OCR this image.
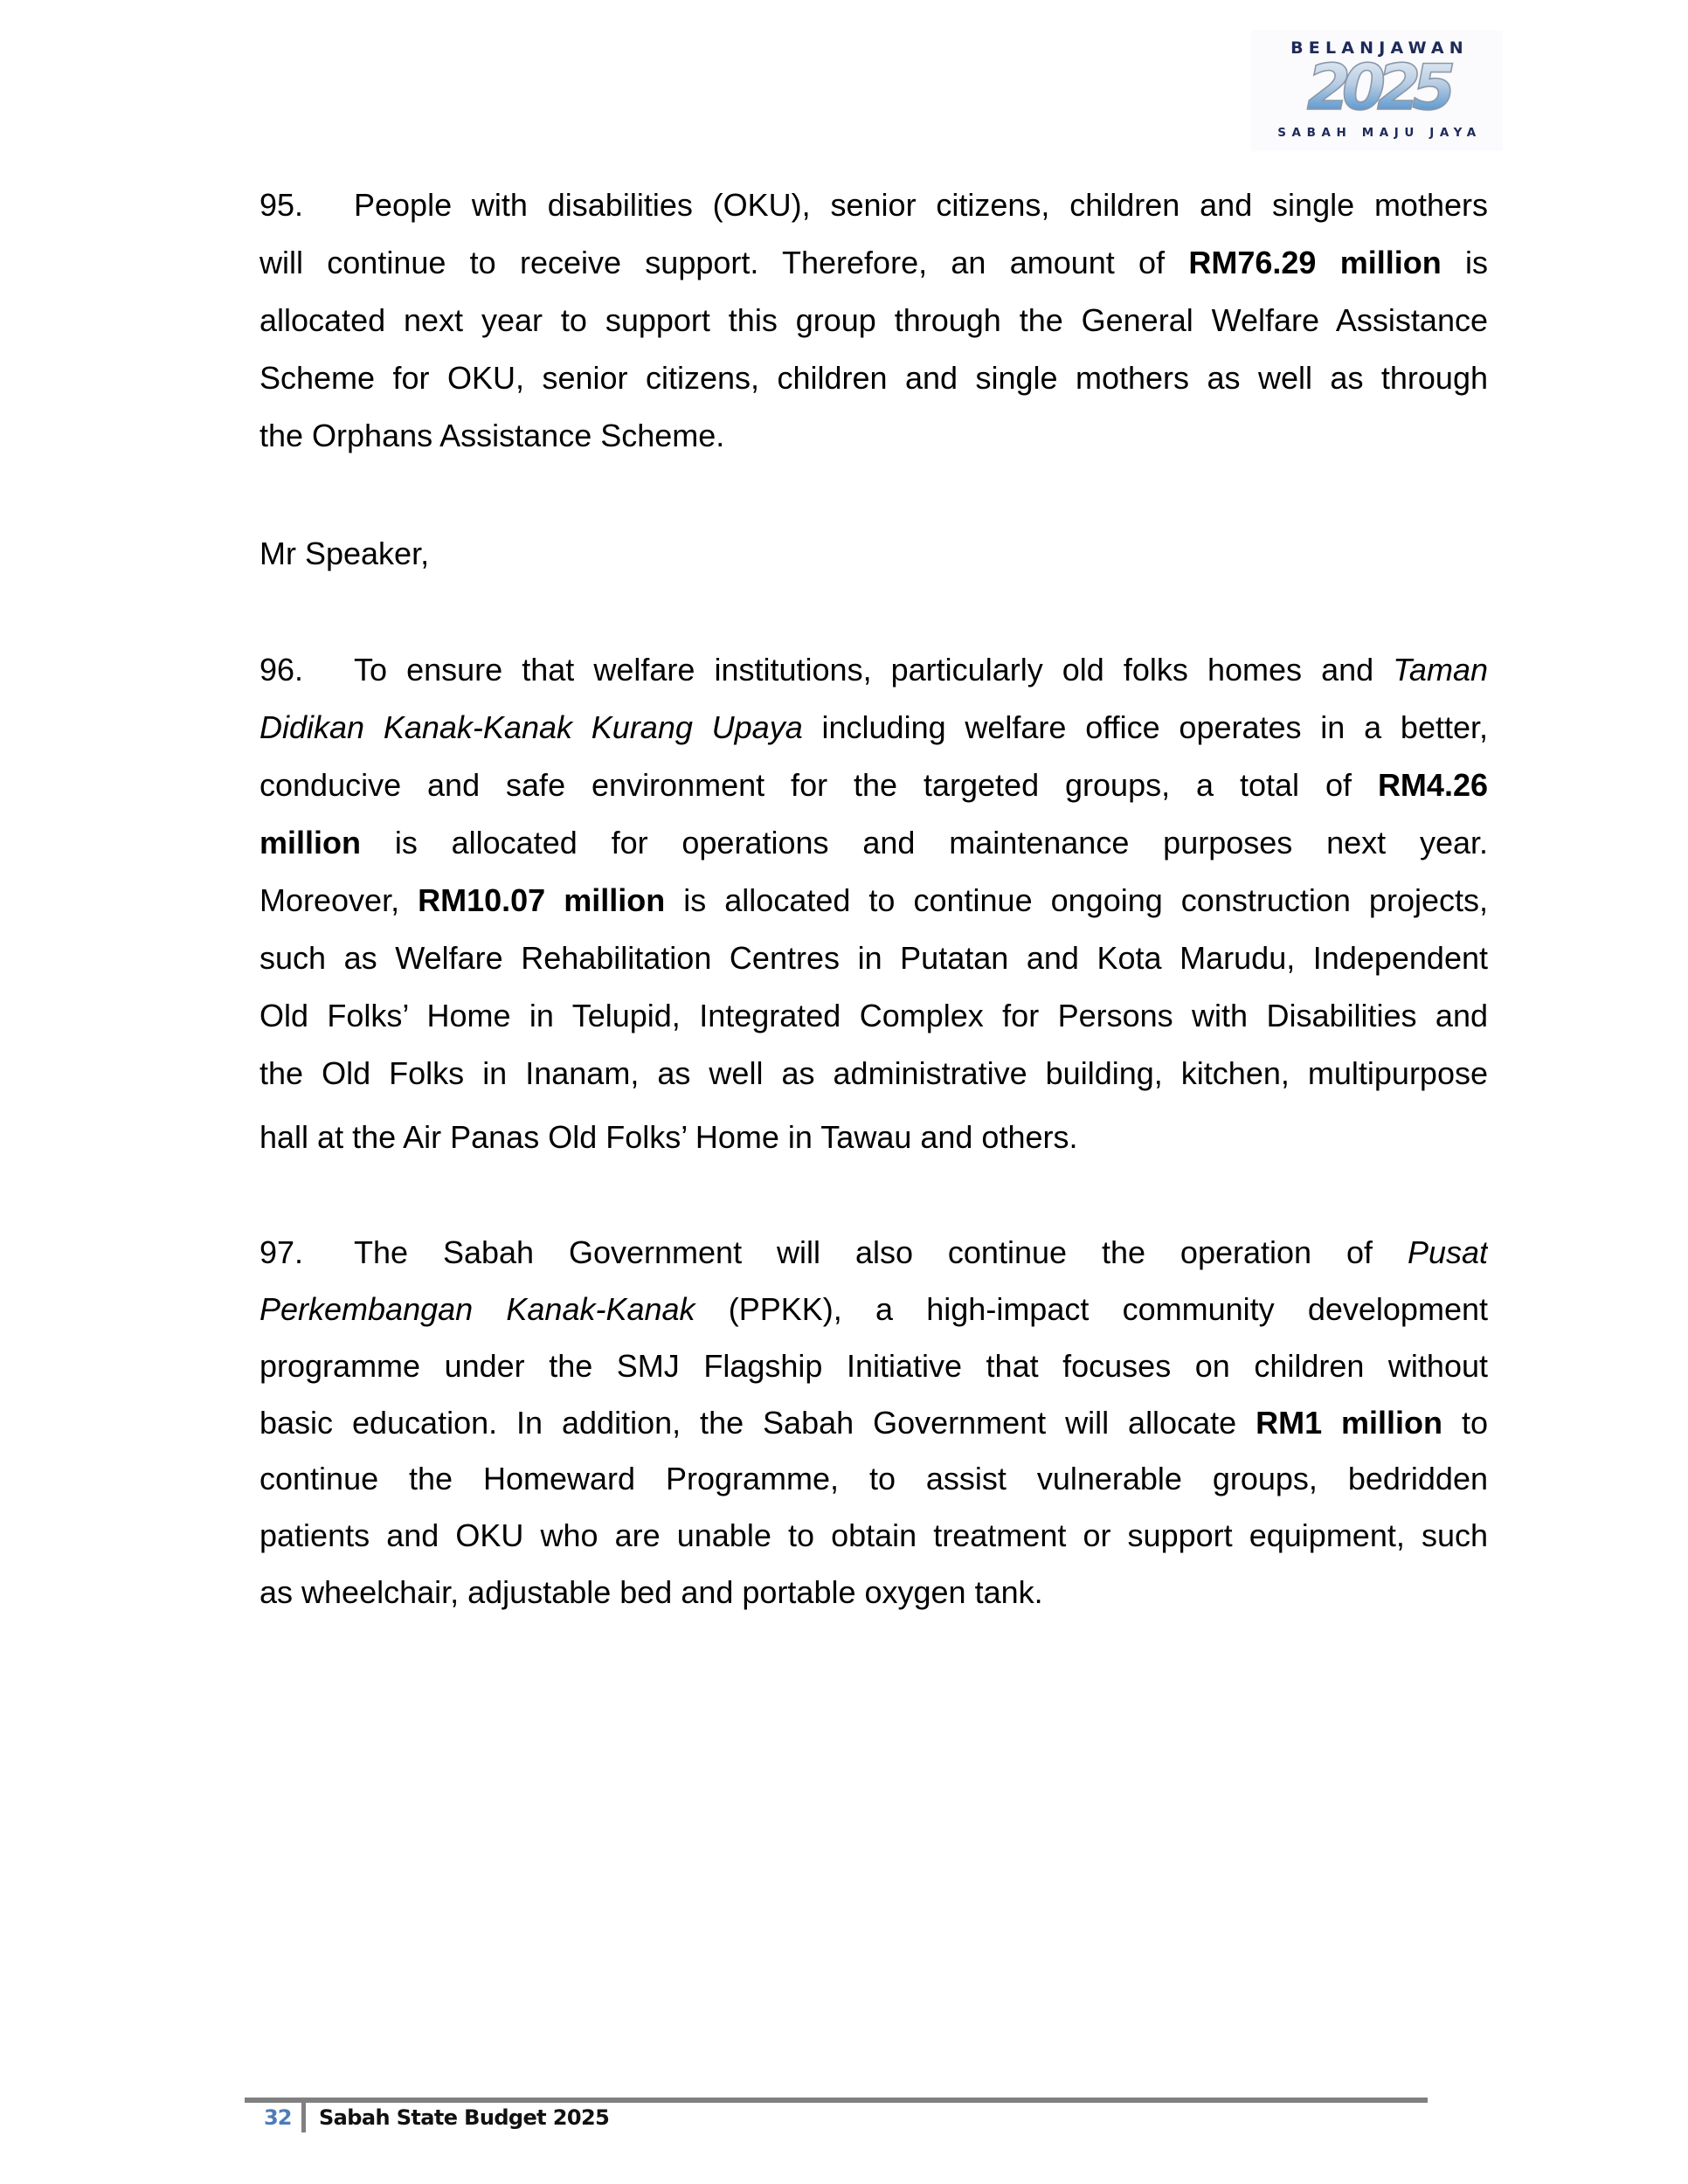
BELANJAWAN
2025
SABAH MAJU JAYA
95. People with disabilities (OKU), senior citizens, children and single mothers
will continue to receive support. Therefore, an amount of RM76.29 million is
allocated next year to support this group through the General Welfare Assistance
Scheme for OKU, senior citizens, children and single mothers as well as through
the Orphans Assistance Scheme.
Mr Speaker,
96. To ensure that welfare institutions, particularly old folks homes and Taman
Didikan Kanak-Kanak Kurang Upaya including welfare office operates in a better,
conducive and safe environment for the targeted groups, a total of RM4.26
million is allocated for operations and maintenance purposes next year.
Moreover, RM10.07 million is allocated to continue ongoing construction projects,
such as Welfare Rehabilitation Centres in Putatan and Kota Marudu, Independent
Old Folks’ Home in Telupid, Integrated Complex for Persons with Disabilities and
the Old Folks in Inanam, as well as administrative building, kitchen, multipurpose
hall at the Air Panas Old Folks’ Home in Tawau and others.
97. The Sabah Government will also continue the operation of Pusat
Perkembangan Kanak-Kanak (PPKK), a high-impact community development
programme under the SMJ Flagship Initiative that focuses on children without
basic education. In addition, the Sabah Government will allocate RM1 million to
continue the Homeward Programme, to assist vulnerable groups, bedridden
patients and OKU who are unable to obtain treatment or support equipment, such
as wheelchair, adjustable bed and portable oxygen tank.
32 Sabah State Budget 2025
